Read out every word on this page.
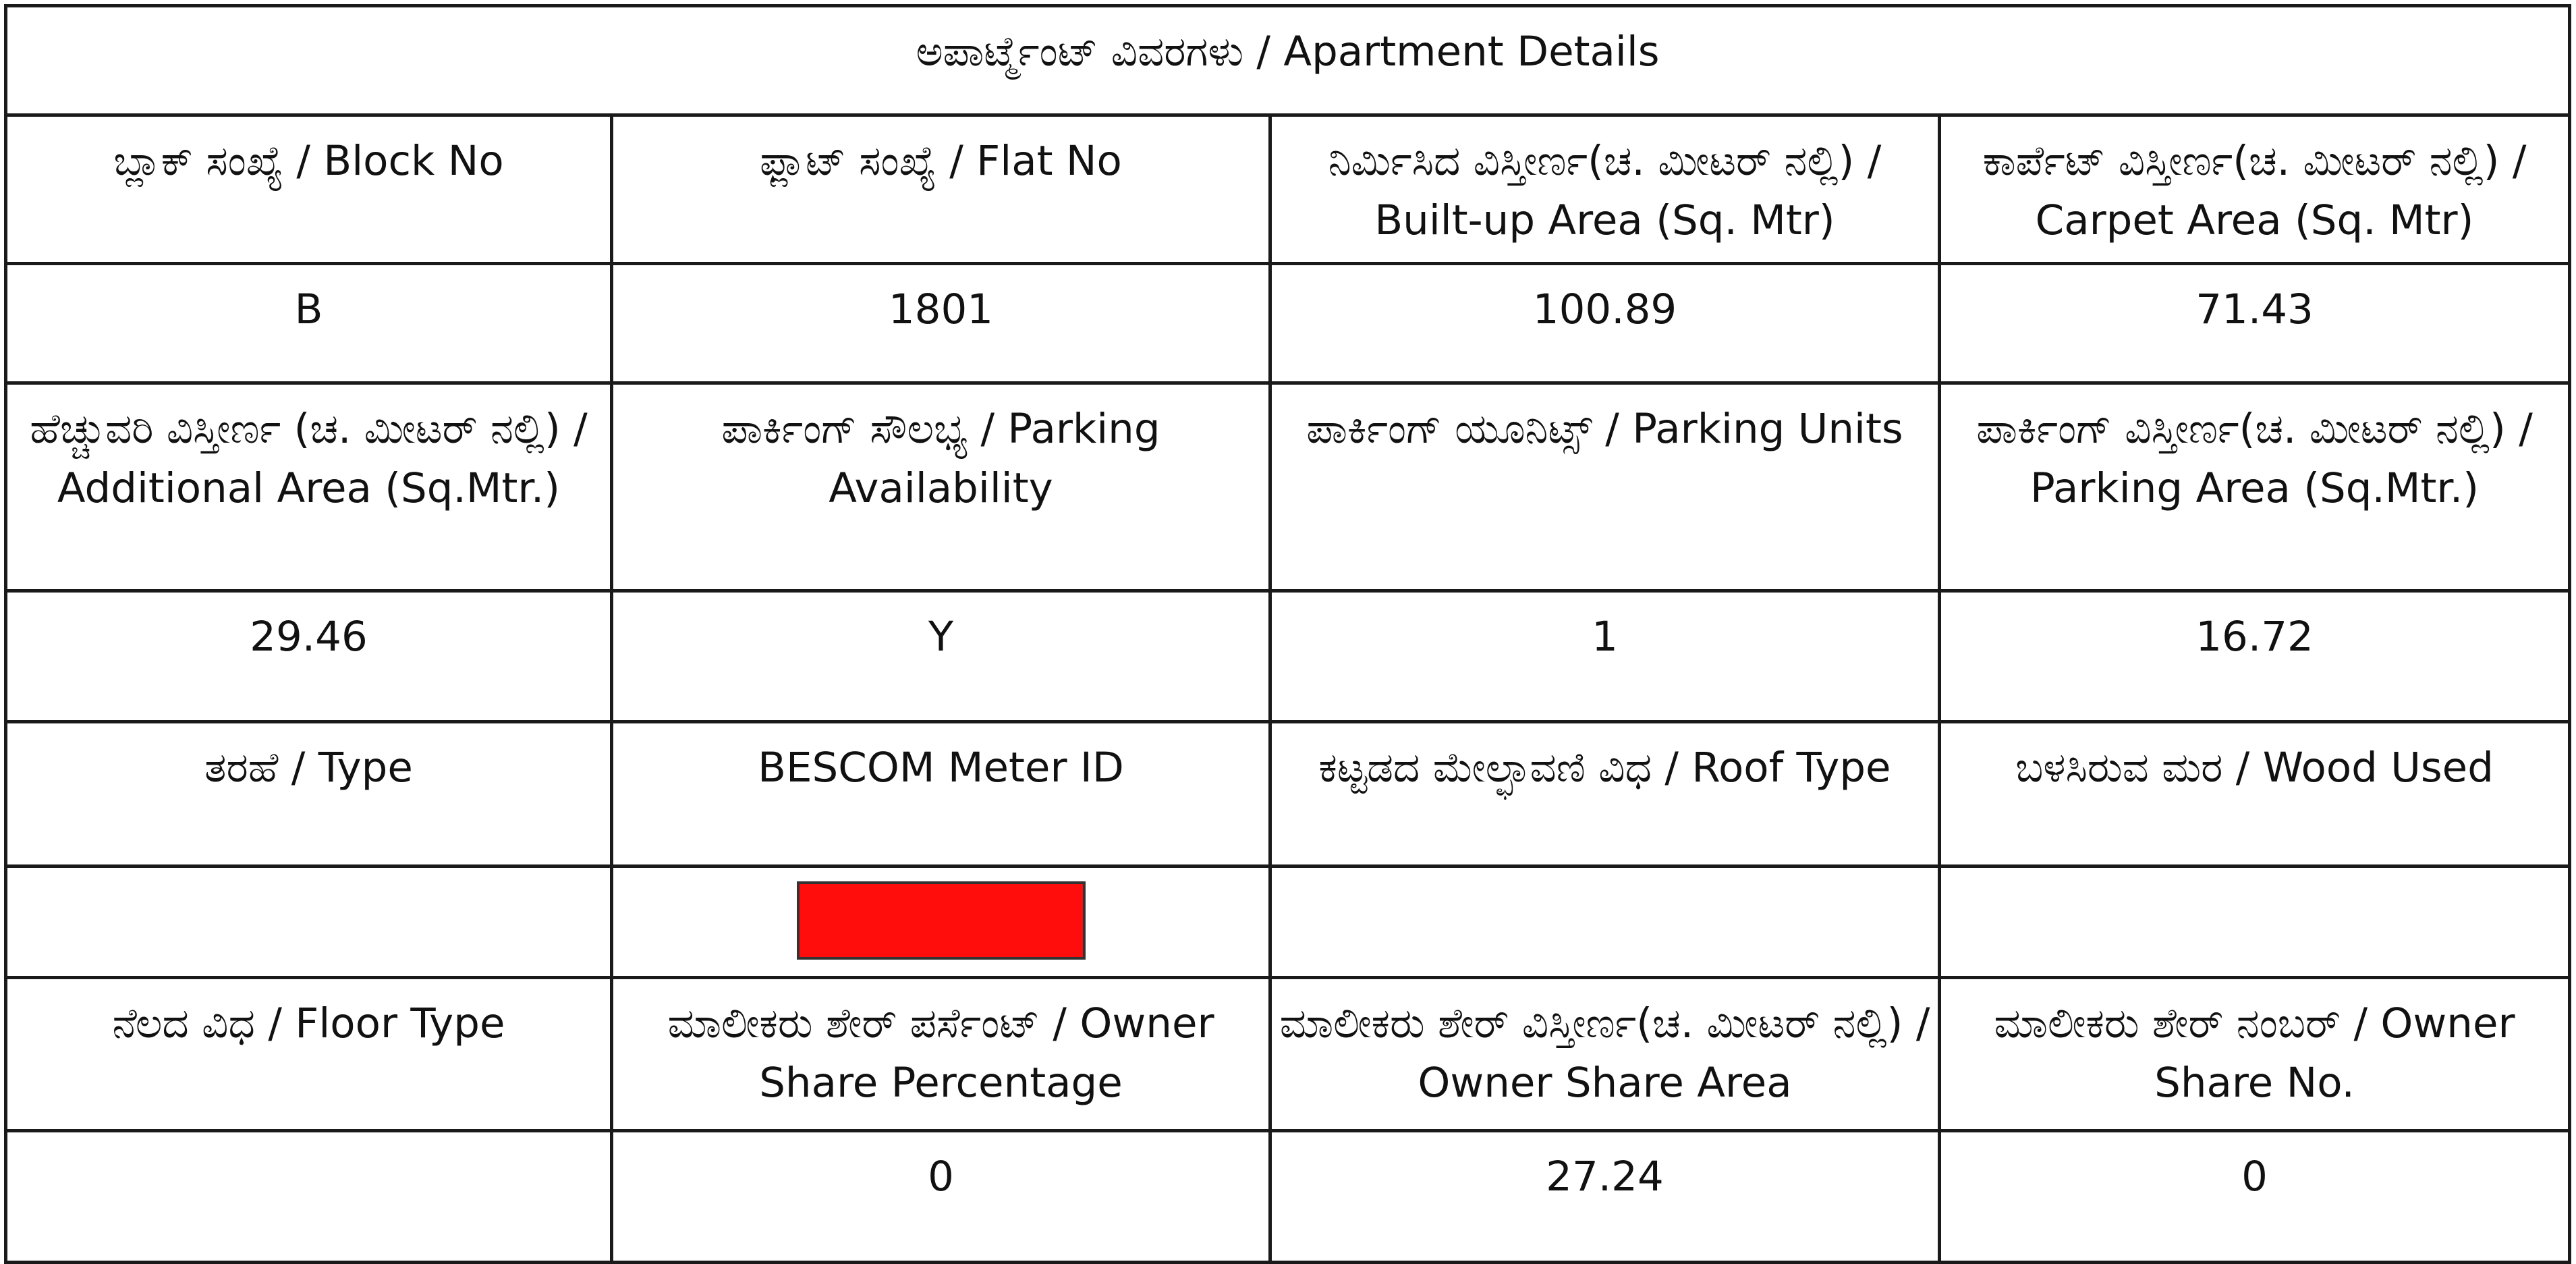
ಅಪಾರ್ಟ್ಮೆಂಟ್ ವಿವರಗಳು / Apartment Details			
ಬ್ಲಾಕ್ ಸಂಖ್ಯೆ / Block No	ಫ್ಲಾಟ್ ಸಂಖ್ಯೆ / Flat No	ನಿರ್ಮಿಸಿದ ವಿಸ್ತೀರ್ಣ(ಚ. ಮೀಟರ್ ನಲ್ಲಿ) / Built-up Area (Sq. Mtr)	ಕಾರ್ಪೆಟ್ ವಿಸ್ತೀರ್ಣ(ಚ. ಮೀಟರ್ ನಲ್ಲಿ) / Carpet Area (Sq. Mtr)
B	1801	100.89	71.43
ಹೆಚ್ಚುವರಿ ವಿಸ್ತೀರ್ಣ (ಚ. ಮೀಟರ್ ನಲ್ಲಿ) / Additional Area (Sq.Mtr.)	ಪಾರ್ಕಿಂಗ್ ಸೌಲಭ್ಯ / Parking Availability	ಪಾರ್ಕಿಂಗ್ ಯೂನಿಟ್ಸ್ / Parking Units	ಪಾರ್ಕಿಂಗ್ ವಿಸ್ತೀರ್ಣ(ಚ. ಮೀಟರ್ ನಲ್ಲಿ) / Parking Area (Sq.Mtr.)
29.46	Y	1	16.72
ತರಹೆ / Type	BESCOM Meter ID	ಕಟ್ಟಡದ ಮೇಲ್ಛಾವಣಿ ವಿಧ / Roof Type	ಬಳಸಿರುವ ಮರ / Wood Used

ನೆಲದ ವಿಧ / Floor Type	ಮಾಲೀಕರು ಶೇರ್ ಪರ್ಸೆಂಟ್ / Owner Share Percentage	ಮಾಲೀಕರು ಶೇರ್ ವಿಸ್ತೀರ್ಣ(ಚ. ಮೀಟರ್ ನಲ್ಲಿ) / Owner Share Area	ಮಾಲೀಕರು ಶೇರ್ ನಂಬರ್ / Owner Share No.
	0	27.24	0
